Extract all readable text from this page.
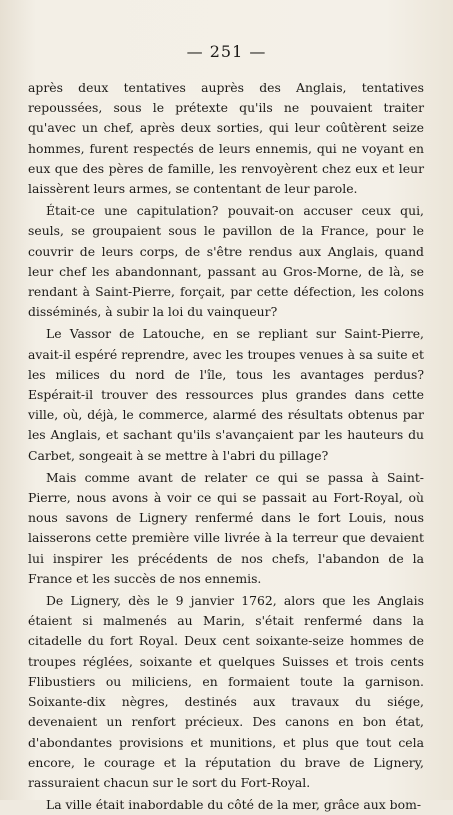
— 251 —

après deux tentatives auprès des Anglais, tentatives repoussées, sous le prétexte qu'ils ne pouvaient traiter qu'avec un chef, après deux sorties, qui leur coûtèrent seize hommes, furent respectés de leurs ennemis, qui ne voyant en eux que des pères de famille, les renvoyèrent chez eux et leur laissèrent leurs armes, se contentant de leur parole.

Était-ce une capitulation? pouvait-on accuser ceux qui, seuls, se groupaient sous le pavillon de la France, pour le couvrir de leurs corps, de s'être rendus aux Anglais, quand leur chef les abandonnant, passant au Gros-Morne, de là, se rendant à Saint-Pierre, forçait, par cette défection, les colons disséminés, à subir la loi du vainqueur?

Le Vassor de Latouche, en se repliant sur Saint-Pierre, avait-il espéré reprendre, avec les troupes venues à sa suite et les milices du nord de l'île, tous les avantages perdus? Espérait-il trouver des ressources plus grandes dans cette ville, où, déjà, le commerce, alarmé des résultats obtenus par les Anglais, et sachant qu'ils s'avançaient par les hauteurs du Carbet, songeait à se mettre à l'abri du pillage?

Mais comme avant de relater ce qui se passa à Saint-Pierre, nous avons à voir ce qui se passait au Fort-Royal, où nous savons de Lignery renfermé dans le fort Louis, nous laisserons cette première ville livrée à la terreur que devaient lui inspirer les précédents de nos chefs, l'abandon de la France et les succès de nos ennemis.

De Lignery, dès le 9 janvier 1762, alors que les Anglais étaient si malmenés au Marin, s'était renfermé dans la citadelle du fort Royal. Deux cent soixante-seize hommes de troupes réglées, soixante et quelques Suisses et trois cents Flibustiers ou miliciens, en formaient toute la garnison. Soixante-dix nègres, destinés aux travaux du siége, devenaient un renfort précieux. Des canons en bon état, d'abondantes provisions et munitions, et plus que tout cela encore, le courage et la réputation du brave de Lignery, rassuraient chacun sur le sort du Fort-Royal.

La ville était inabordable du côté de la mer, grâce aux bom-
